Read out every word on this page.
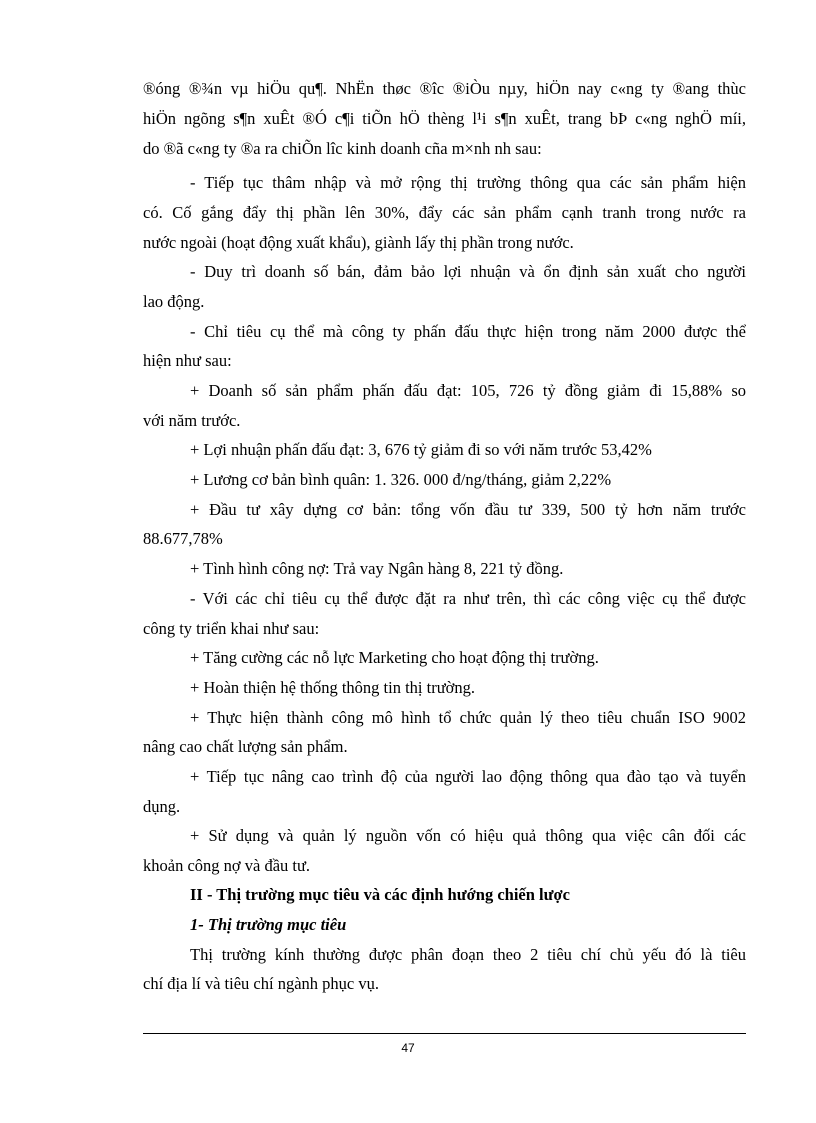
®óng ®¾n vµ hiÖu qu¶. NhËn thøc ®îc ®iÒu nµy, hiÖn nay c«ng ty ®ang thùc
hiÖn ngõng s¶n xuÊt ®Ó c¶i tiÕn hÖ thèng l¹i s¶n xuÊt, trang bÞ c«ng nghÖ míi,
do ®ã c«ng ty ®a ra chiÕn lîc kinh doanh cña m×nh nh sau:
- Tiếp tục thâm nhập và mở rộng thị trường thông qua các sản phẩm hiện
có. Cố gắng đẩy thị phần lên 30%, đẩy các sản phẩm cạnh tranh trong nước ra
nước ngoài (hoạt động xuất khẩu), giành lấy thị phần trong nước.
- Duy trì doanh số bán, đảm bảo lợi nhuận và ổn định sản xuất cho người
lao động.
- Chỉ tiêu cụ thể mà công ty phấn đấu thực hiện trong năm 2000 được thể
hiện như sau:
+ Doanh số sản phẩm phấn đấu đạt: 105, 726 tỷ đồng giảm đi 15,88% so
với năm trước.
+ Lợi nhuận phấn đấu đạt: 3, 676 tỷ giảm đi so với năm trước 53,42%
+ Lương cơ bản bình quân: 1. 326. 000 đ/ng/tháng, giảm 2,22%
+ Đầu tư xây dựng cơ bản: tổng vốn đầu tư 339, 500 tỷ hơn năm trước
88.677,78%
+ Tình hình công nợ: Trả vay Ngân hàng 8, 221 tỷ đồng.
- Với các chỉ tiêu cụ thể được đặt ra như trên, thì các công việc cụ thể được
công ty triển khai như sau:
+ Tăng cường các nỗ lực Marketing cho hoạt động thị trường.
+ Hoàn thiện hệ thống thông tin thị trường.
+ Thực hiện thành công mô hình tổ chức quản lý theo tiêu chuẩn ISO 9002
nâng cao chất lượng sản phẩm.
+ Tiếp tục nâng cao trình độ của người lao động thông qua đào tạo và tuyển
dụng.
+ Sử dụng và quản lý nguồn vốn có hiệu quả thông qua việc cân đối các
khoản công nợ và đầu tư.
II - Thị trường mục tiêu và các định hướng chiến lược
1- Thị trường mục tiêu
Thị trường kính thường được phân đoạn theo 2 tiêu chí chủ yếu đó là tiêu
chí địa lí và tiêu chí ngành phục vụ.
47
